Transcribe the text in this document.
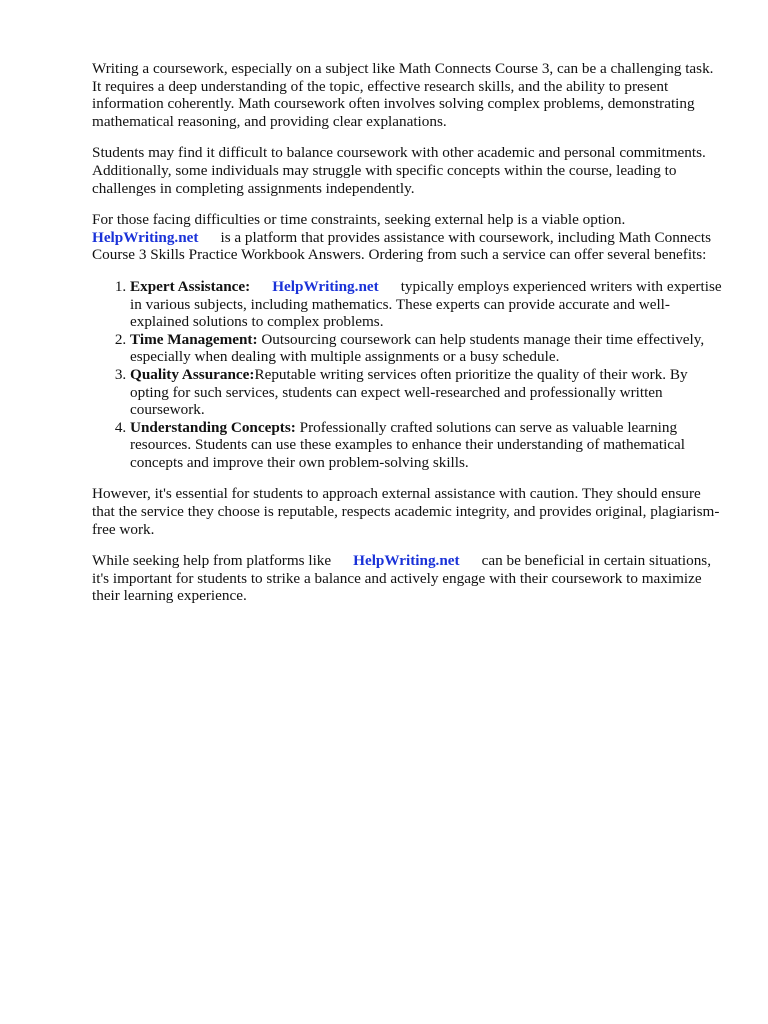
Writing a coursework, especially on a subject like Math Connects Course 3, can be a challenging task. It requires a deep understanding of the topic, effective research skills, and the ability to present information coherently. Math coursework often involves solving complex problems, demonstrating mathematical reasoning, and providing clear explanations.

Students may find it difficult to balance coursework with other academic and personal commitments. Additionally, some individuals may struggle with specific concepts within the course, leading to challenges in completing assignments independently.

For those facing difficulties or time constraints, seeking external help is a viable option.
HelpWriting.net is a platform that provides assistance with coursework, including Math Connects Course 3 Skills Practice Workbook Answers. Ordering from such a service can offer several benefits:

1. Expert Assistance: HelpWriting.net typically employs experienced writers with expertise in various subjects, including mathematics. These experts can provide accurate and well-explained solutions to complex problems.
2. Time Management: Outsourcing coursework can help students manage their time effectively, especially when dealing with multiple assignments or a busy schedule.
3. Quality Assurance:Reputable writing services often prioritize the quality of their work. By opting for such services, students can expect well-researched and professionally written coursework.
4. Understanding Concepts: Professionally crafted solutions can serve as valuable learning resources. Students can use these examples to enhance their understanding of mathematical concepts and improve their own problem-solving skills.

However, it's essential for students to approach external assistance with caution. They should ensure that the service they choose is reputable, respects academic integrity, and provides original, plagiarism-free work.

While seeking help from platforms like HelpWriting.net can be beneficial in certain situations, it's important for students to strike a balance and actively engage with their coursework to maximize their learning experience.
